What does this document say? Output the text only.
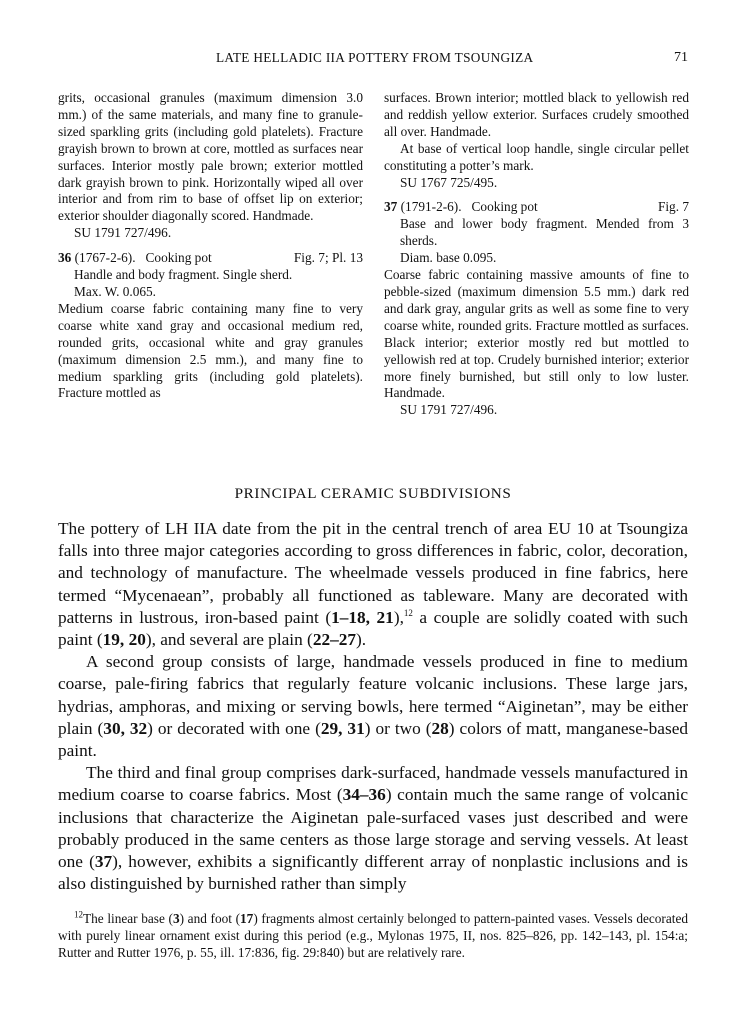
LATE HELLADIC IIA POTTERY FROM TSOUNGIZA	71

grits, occasional granules (maximum dimension 3.0 mm.) of the same materials, and many fine to granule-sized sparkling grits (including gold platelets). Fracture grayish brown to brown at core, mottled as surfaces near surfaces. Interior mostly pale brown; exterior mottled dark grayish brown to pink. Horizontally wiped all over interior and from rim to base of offset lip on exterior; exterior shoulder diagonally scored. Handmade.

SU 1791 727/496.

36 (1767-2-6). Cooking pot	Fig. 7; Pl. 13

Handle and body fragment. Single sherd.

Max. W. 0.065.

Medium coarse fabric containing many fine to very coarse white xand gray and occasional medium red, rounded grits, occasional white and gray granules (maximum dimension 2.5 mm.), and many fine to medium sparkling grits (including gold platelets). Fracture mottled as

surfaces. Brown interior; mottled black to yellowish red and reddish yellow exterior. Surfaces crudely smoothed all over. Handmade.

At base of vertical loop handle, single circular pellet constituting a potter’s mark.

SU 1767 725/495.

37 (1791-2-6). Cooking pot	Fig. 7

Base and lower body fragment. Mended from 3 sherds.

Diam. base 0.095.

Coarse fabric containing massive amounts of fine to pebble-sized (maximum dimension 5.5 mm.) dark red and dark gray, angular grits as well as some fine to very coarse white, rounded grits. Fracture mottled as surfaces. Black interior; exterior mostly red but mottled to yellowish red at top. Crudely burnished interior; exterior more finely burnished, but still only to low luster. Handmade.

SU 1791 727/496.

PRINCIPAL CERAMIC SUBDIVISIONS

The pottery of LH IIA date from the pit in the central trench of area EU 10 at Tsoungiza falls into three major categories according to gross differences in fabric, color, decoration, and technology of manufacture. The wheelmade vessels produced in fine fabrics, here termed “Mycenaean”, probably all functioned as tableware. Many are decorated with patterns in lustrous, iron-based paint (1–18, 21),$^{12}$ a couple are solidly coated with such paint (19, 20), and several are plain (22–27).

A second group consists of large, handmade vessels produced in fine to medium coarse, pale-firing fabrics that regularly feature volcanic inclusions. These large jars, hydrias, amphoras, and mixing or serving bowls, here termed “Aiginetan”, may be either plain (30, 32) or decorated with one (29, 31) or two (28) colors of matt, manganese-based paint.

The third and final group comprises dark-surfaced, handmade vessels manufactured in medium coarse to coarse fabrics. Most (34–36) contain much the same range of volcanic inclusions that characterize the Aiginetan pale-surfaced vases just described and were probably produced in the same centers as those large storage and serving vessels. At least one (37), however, exhibits a significantly different array of nonplastic inclusions and is also distinguished by burnished rather than simply

$^{12}$The linear base (3) and foot (17) fragments almost certainly belonged to pattern-painted vases. Vessels decorated with purely linear ornament exist during this period (e.g., Mylonas 1975, II, nos. 825–826, pp. 142–143, pl. 154:a; Rutter and Rutter 1976, p. 55, ill. 17:836, fig. 29:840) but are relatively rare.
